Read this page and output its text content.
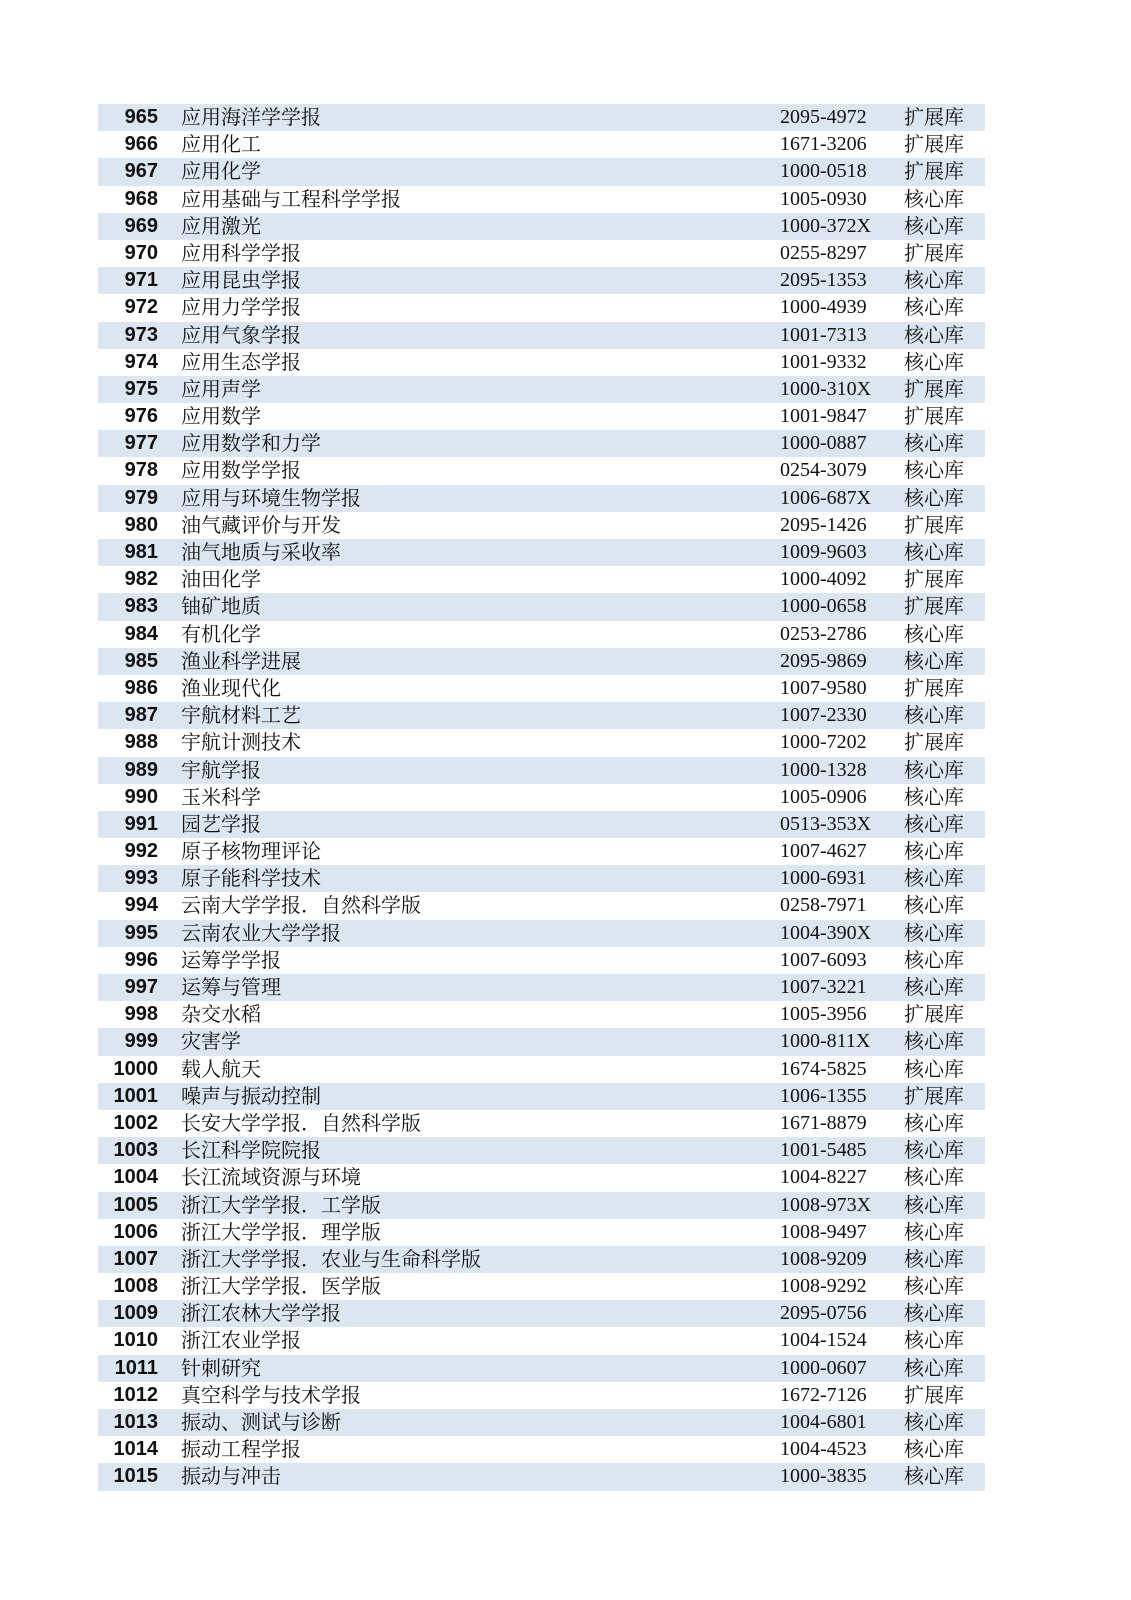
965 应用海洋学学报	2095-4972 扩展库
966 应用化工	1671-3206 扩展库
967 应用化学	1000-0518 扩展库
968 应用基础与工程科学学报	1005-0930 核心库
969 应用激光	1000-372X 核心库
970 应用科学学报	0255-8297 扩展库
971 应用昆虫学报	2095-1353 核心库
972 应用力学学报	1000-4939 核心库
973 应用气象学报	1001-7313 核心库
974 应用生态学报	1001-9332 核心库
975 应用声学	1000-310X 扩展库
976 应用数学	1001-9847 扩展库
977 应用数学和力学	1000-0887 核心库
978 应用数学学报	0254-3079 核心库
979 应用与环境生物学报	1006-687X 核心库
980 油气藏评价与开发	2095-1426 扩展库
981 油气地质与采收率	1009-9603 核心库
982 油田化学	1000-4092 扩展库
983 铀矿地质	1000-0658 扩展库
984 有机化学	0253-2786 核心库
985 渔业科学进展	2095-9869 核心库
986 渔业现代化	1007-9580 扩展库
987 宇航材料工艺	1007-2330 核心库
988 宇航计测技术	1000-7202 扩展库
989 宇航学报	1000-1328 核心库
990 玉米科学	1005-0906 核心库
991 园艺学报	0513-353X 核心库
992 原子核物理评论	1007-4627 核心库
993 原子能科学技术	1000-6931 核心库
994 云南大学学报．自然科学版	0258-7971 核心库
995 云南农业大学学报	1004-390X 核心库
996 运筹学学报	1007-6093 核心库
997 运筹与管理	1007-3221 核心库
998 杂交水稻	1005-3956 扩展库
999 灾害学	1000-811X 核心库
1000 载人航天	1674-5825 核心库
1001 噪声与振动控制	1006-1355 扩展库
1002 长安大学学报．自然科学版	1671-8879 核心库
1003 长江科学院院报	1001-5485 核心库
1004 长江流域资源与环境	1004-8227 核心库
1005 浙江大学学报．工学版	1008-973X 核心库
1006 浙江大学学报．理学版	1008-9497 核心库
1007 浙江大学学报．农业与生命科学版	1008-9209 核心库
1008 浙江大学学报．医学版	1008-9292 核心库
1009 浙江农林大学学报	2095-0756 核心库
1010 浙江农业学报	1004-1524 核心库
1011 针刺研究	1000-0607 核心库
1012 真空科学与技术学报	1672-7126 扩展库
1013 振动、测试与诊断	1004-6801 核心库
1014 振动工程学报	1004-4523 核心库
1015 振动与冲击	1000-3835 核心库
